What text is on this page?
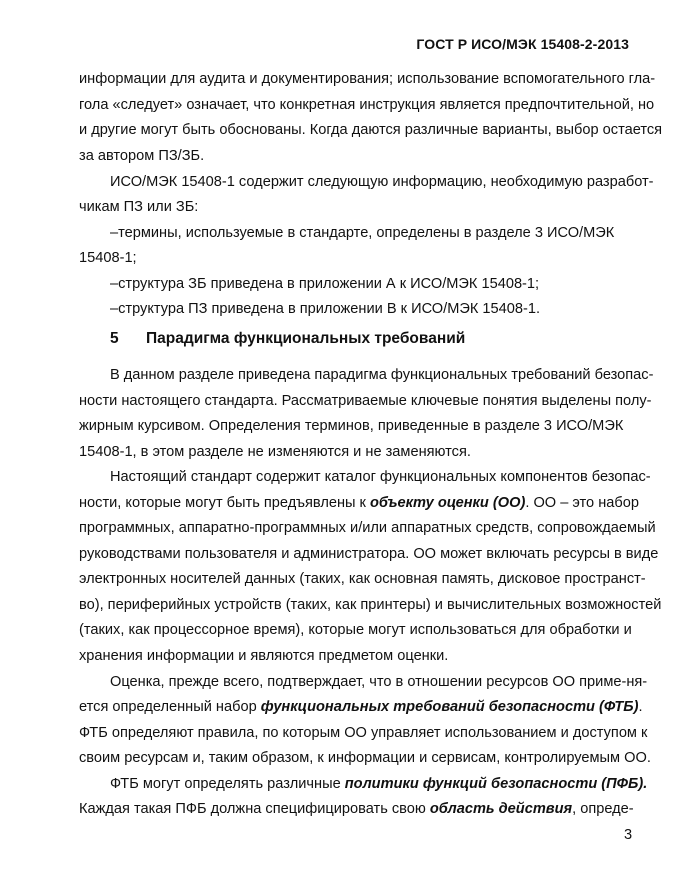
ГОСТ Р ИСО/МЭК 15408-2-2013
информации для аудита и документирования; использование вспомогательного гла-
гола «следует» означает, что конкретная инструкция является предпочтительной, но
и другие могут быть обоснованы. Когда даются различные варианты, выбор остается
за автором ПЗ/ЗБ.
ИСО/МЭК 15408-1 содержит следующую информацию, необходимую разработ-
чикам ПЗ или ЗБ:
–термины, используемые в стандарте, определены в разделе 3 ИСО/МЭК
15408-1;
–структура ЗБ приведена в приложении А к ИСО/МЭК 15408-1;
–структура ПЗ приведена в приложении В к ИСО/МЭК 15408-1.
5 Парадигма функциональных требований
В данном разделе приведена парадигма функциональных требований безопас-
ности настоящего стандарта. Рассматриваемые ключевые понятия выделены полу-
жирным курсивом. Определения терминов, приведенные в разделе 3 ИСО/МЭК
15408-1, в этом разделе не изменяются и не заменяются.
Настоящий стандарт содержит каталог функциональных компонентов безопас-
ности, которые могут быть предъявлены к объекту оценки (ОО). ОО – это набор
программных, аппаратно-программных и/или аппаратных средств, сопровождаемый
руководствами пользователя и администратора. ОО может включать ресурсы в виде
электронных носителей данных (таких, как основная память, дисковое пространст-
во), периферийных устройств (таких, как принтеры) и вычислительных возможностей
(таких, как процессорное время), которые могут использоваться для обработки и
хранения информации и являются предметом оценки.
Оценка, прежде всего, подтверждает, что в отношении ресурсов ОО приме-ня-
ется определенный набор функциональных требований безопасности (ФТБ).
ФТБ определяют правила, по которым ОО управляет использованием и доступом к
своим ресурсам и, таким образом, к информации и сервисам, контролируемым ОО.
ФТБ могут определять различные политики функций безопасности (ПФБ).
Каждая такая ПФБ должна специфицировать свою область действия, опреде-
3
